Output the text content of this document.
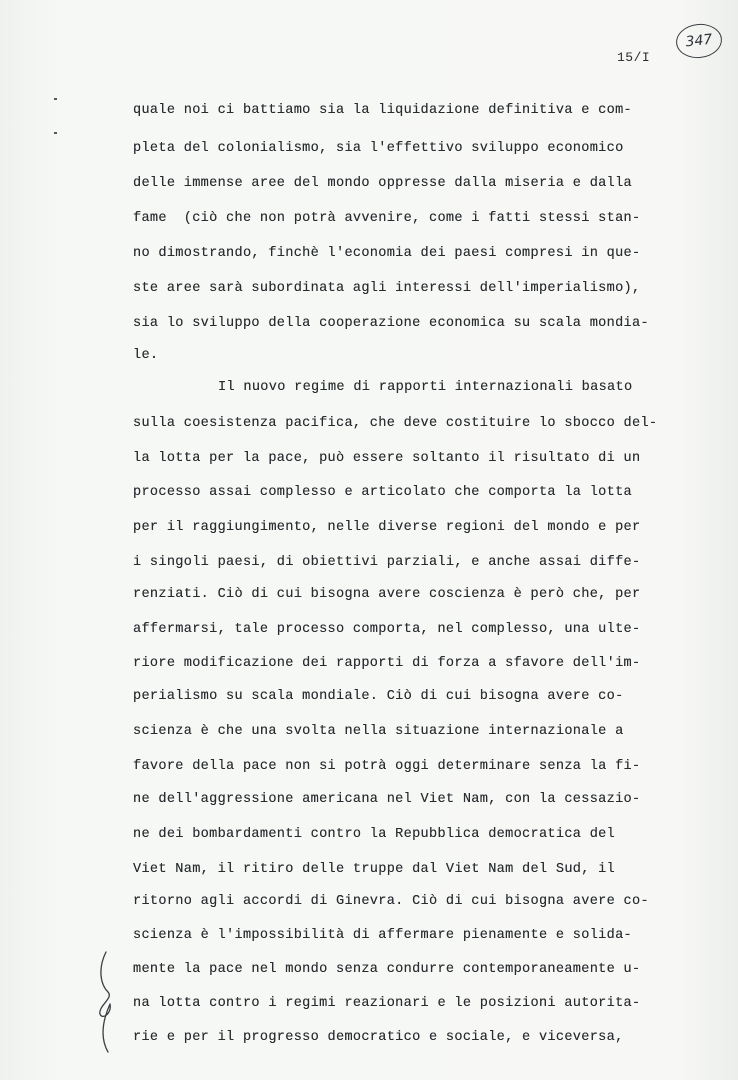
347
15/I
quale noi ci battiamo sia la liquidazione definitiva e com-
pleta del colonialismo, sia l'effettivo sviluppo economico
delle immense aree del mondo oppresse dalla miseria e dalla
fame  (ciò che non potrà avvenire, come i fatti stessi stan-
no dimostrando, finchè l'economia dei paesi compresi in que-
ste aree sarà subordinata agli interessi dell'imperialismo),
sia lo sviluppo della cooperazione economica su scala mondia-
le.
Il nuovo regime di rapporti internazionali basato
sulla coesistenza pacifica, che deve costituire lo sbocco del-
la lotta per la pace, può essere soltanto il risultato di un
processo assai complesso e articolato che comporta la lotta
per il raggiungimento, nelle diverse regioni del mondo e per
i singoli paesi, di obiettivi parziali, e anche assai diffe-
renziati. Ciò di cui bisogna avere coscienza è però che, per
affermarsi, tale processo comporta, nel complesso, una ulte-
riore modificazione dei rapporti di forza a sfavore dell'im-
perialismo su scala mondiale. Ciò di cui bisogna avere co-
scienza è che una svolta nella situazione internazionale a
favore della pace non si potrà oggi determinare senza la fi-
ne dell'aggressione americana nel Viet Nam, con la cessazio-
ne dei bombardamenti contro la Repubblica democratica del
Viet Nam, il ritiro delle truppe dal Viet Nam del Sud, il
ritorno agli accordi di Ginevra. Ciò di cui bisogna avere co-
scienza è l'impossibilità di affermare pienamente e solida-
mente la pace nel mondo senza condurre contemporaneamente u-
na lotta contro i regimi reazionari e le posizioni autorita-
rie e per il progresso democratico e sociale, e viceversa,
